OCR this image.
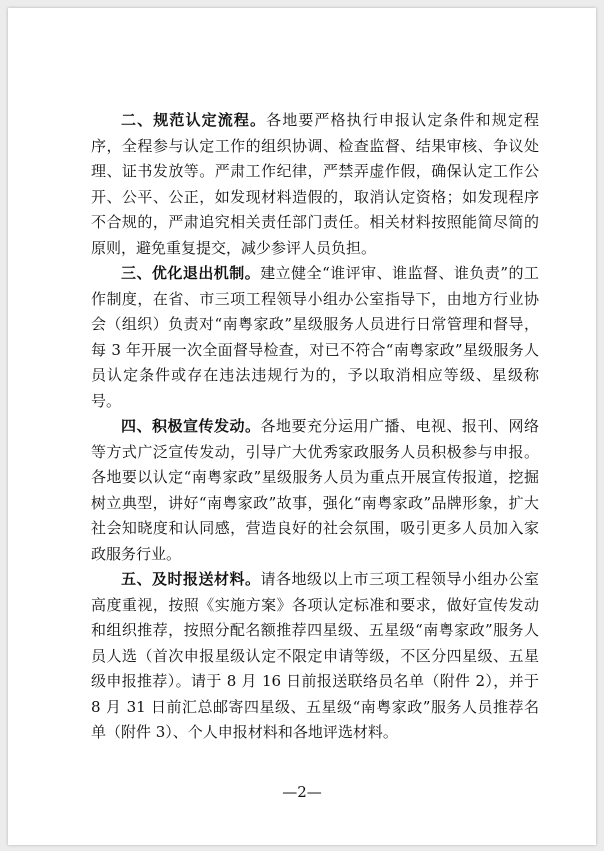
二、规范认定流程。各地要严格执行申报认定条件和规定程序，全程参与认定工作的组织协调、检查监督、结果审核、争议处理、证书发放等。严肃工作纪律，严禁弄虚作假，确保认定工作公开、公平、公正，如发现材料造假的，取消认定资格；如发现程序不合规的，严肃追究相关责任部门责任。相关材料按照能简尽简的原则，避免重复提交，减少参评人员负担。

三、优化退出机制。建立健全“谁评审、谁监督、谁负责”的工作制度，在省、市三项工程领导小组办公室指导下，由地方行业协会（组织）负责对“南粤家政”星级服务人员进行日常管理和督导，每 3 年开展一次全面督导检查，对已不符合“南粤家政”星级服务人员认定条件或存在违法违规行为的，予以取消相应等级、星级称号。

四、积极宣传发动。各地要充分运用广播、电视、报刊、网络等方式广泛宣传发动，引导广大优秀家政服务人员积极参与申报。各地要以认定“南粤家政”星级服务人员为重点开展宣传报道，挖掘树立典型，讲好“南粤家政”故事，强化“南粤家政”品牌形象，扩大社会知晓度和认同感，营造良好的社会氛围，吸引更多人员加入家政服务行业。

五、及时报送材料。请各地级以上市三项工程领导小组办公室高度重视，按照《实施方案》各项认定标准和要求，做好宣传发动和组织推荐，按照分配名额推荐四星级、五星级“南粤家政”服务人员人选（首次申报星级认定不限定申请等级，不区分四星级、五星级申报推荐）。请于 8 月 16 日前报送联络员名单（附件 2），并于 8 月 31 日前汇总邮寄四星级、五星级“南粤家政”服务人员推荐名单（附件 3）、个人申报材料和各地评选材料。

—2—
